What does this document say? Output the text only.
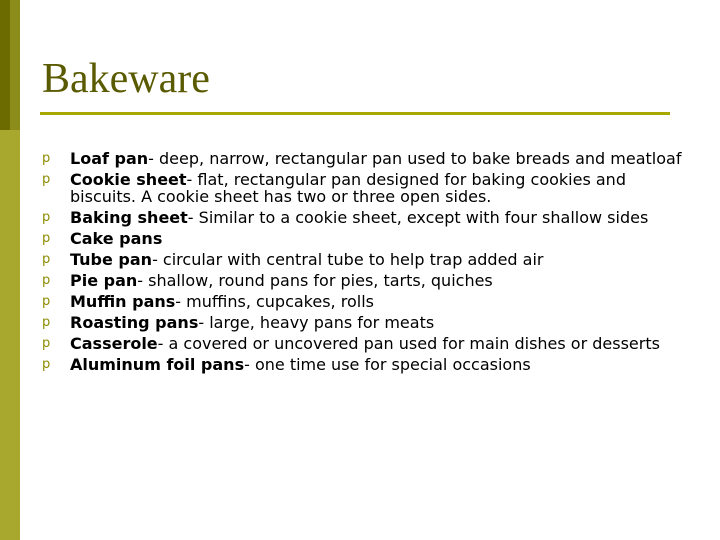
Bakeware
p Loaf pan- deep, narrow, rectangular pan used to bake breads and meatloaf
p Cookie sheet- flat, rectangular pan designed for baking cookies and biscuits. A cookie sheet has two or three open sides.
p Baking sheet- Similar to a cookie sheet, except with four shallow sides
p Cake pans
p Tube pan- circular with central tube to help trap added air
p Pie pan- shallow, round pans for pies, tarts, quiches
p Muffin pans- muffins, cupcakes, rolls
p Roasting pans- large, heavy pans for meats
p Casserole- a covered or uncovered pan used for main dishes or desserts
p Aluminum foil pans- one time use for special occasions
